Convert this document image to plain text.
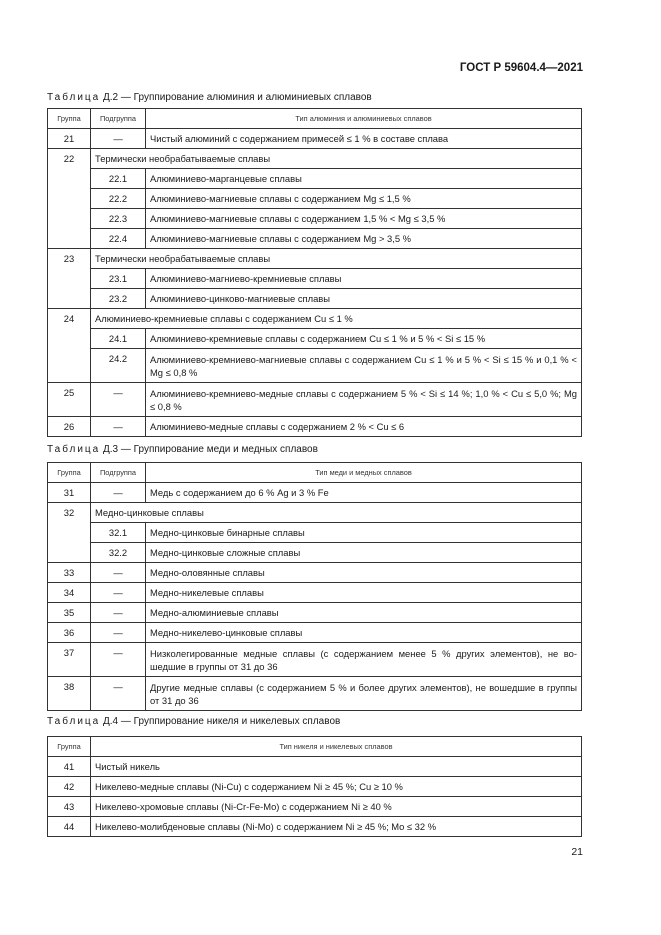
ГОСТ Р 59604.4—2021
Таблица Д.2 — Группирование алюминия и алюминиевых сплавов
Группа	Подгруппа	Тип алюминия и алюминиевых сплавов
21	—	Чистый алюминий с содержанием примесей ≤ 1 % в составе сплава
22	Термически необрабатываемые сплавы	
	22.1	Алюминиево-марганцевые сплавы
	22.2	Алюминиево-магниевые сплавы с содержанием Mg ≤ 1,5 %
	22.3	Алюминиево-магниевые сплавы с содержанием 1,5 % < Mg ≤ 3,5 %
	22.4	Алюминиево-магниевые сплавы с содержанием Mg > 3,5 %
23	Термически необрабатываемые сплавы	
	23.1	Алюминиево-магниево-кремниевые сплавы
	23.2	Алюминиево-цинково-магниевые сплавы
24	Алюминиево-кремниевые сплавы с содержанием Cu ≤ 1 %	
	24.1	Алюминиево-кремниевые сплавы с содержанием Cu ≤ 1 % и 5 % < Si ≤ 15 %
	24.2	Алюминиево-кремниево-магниевые сплавы с содержанием Cu ≤ 1 % и 5 % < Si ≤ 15 % и 0,1 % < Mg ≤ 0,8 %
25	—	Алюминиево-кремниево-медные сплавы с содержанием 5 % < Si ≤ 14 %; 1,0 % < Cu ≤ 5,0 %; Mg ≤ 0,8 %
26	—	Алюминиево-медные сплавы с содержанием 2 % < Cu ≤ 6
Таблица Д.3 — Группирование меди и медных сплавов
Группа	Подгруппа	Тип меди и медных сплавов
31	—	Медь с содержанием до 6 % Ag и 3 % Fe
32	Медно-цинковые сплавы	
	32.1	Медно-цинковые бинарные сплавы
	32.2	Медно-цинковые сложные сплавы
33	—	Медно-оловянные сплавы
34	—	Медно-никелевые сплавы
35	—	Медно-алюминиевые сплавы
36	—	Медно-никелево-цинковые сплавы
37	—	Низколегированные медные сплавы (с содержанием менее 5 % других элементов), не во-шедшие в группы от 31 до 36
38	—	Другие медные сплавы (с содержанием 5 % и более других элементов), не вошедшие в группы от 31 до 36
Таблица Д.4 — Группирование никеля и никелевых сплавов
Группа	Тип никеля и никелевых сплавов
41	Чистый никель
42	Никелево-медные сплавы (Ni-Cu) с содержанием Ni ≥ 45 %; Cu ≥ 10 %
43	Никелево-хромовые сплавы (Ni-Cr-Fe-Mo) с содержанием Ni ≥ 40 %
44	Никелево-молибденовые сплавы (Ni-Mo) с содержанием Ni ≥ 45 %; Mo ≤ 32 %
21
